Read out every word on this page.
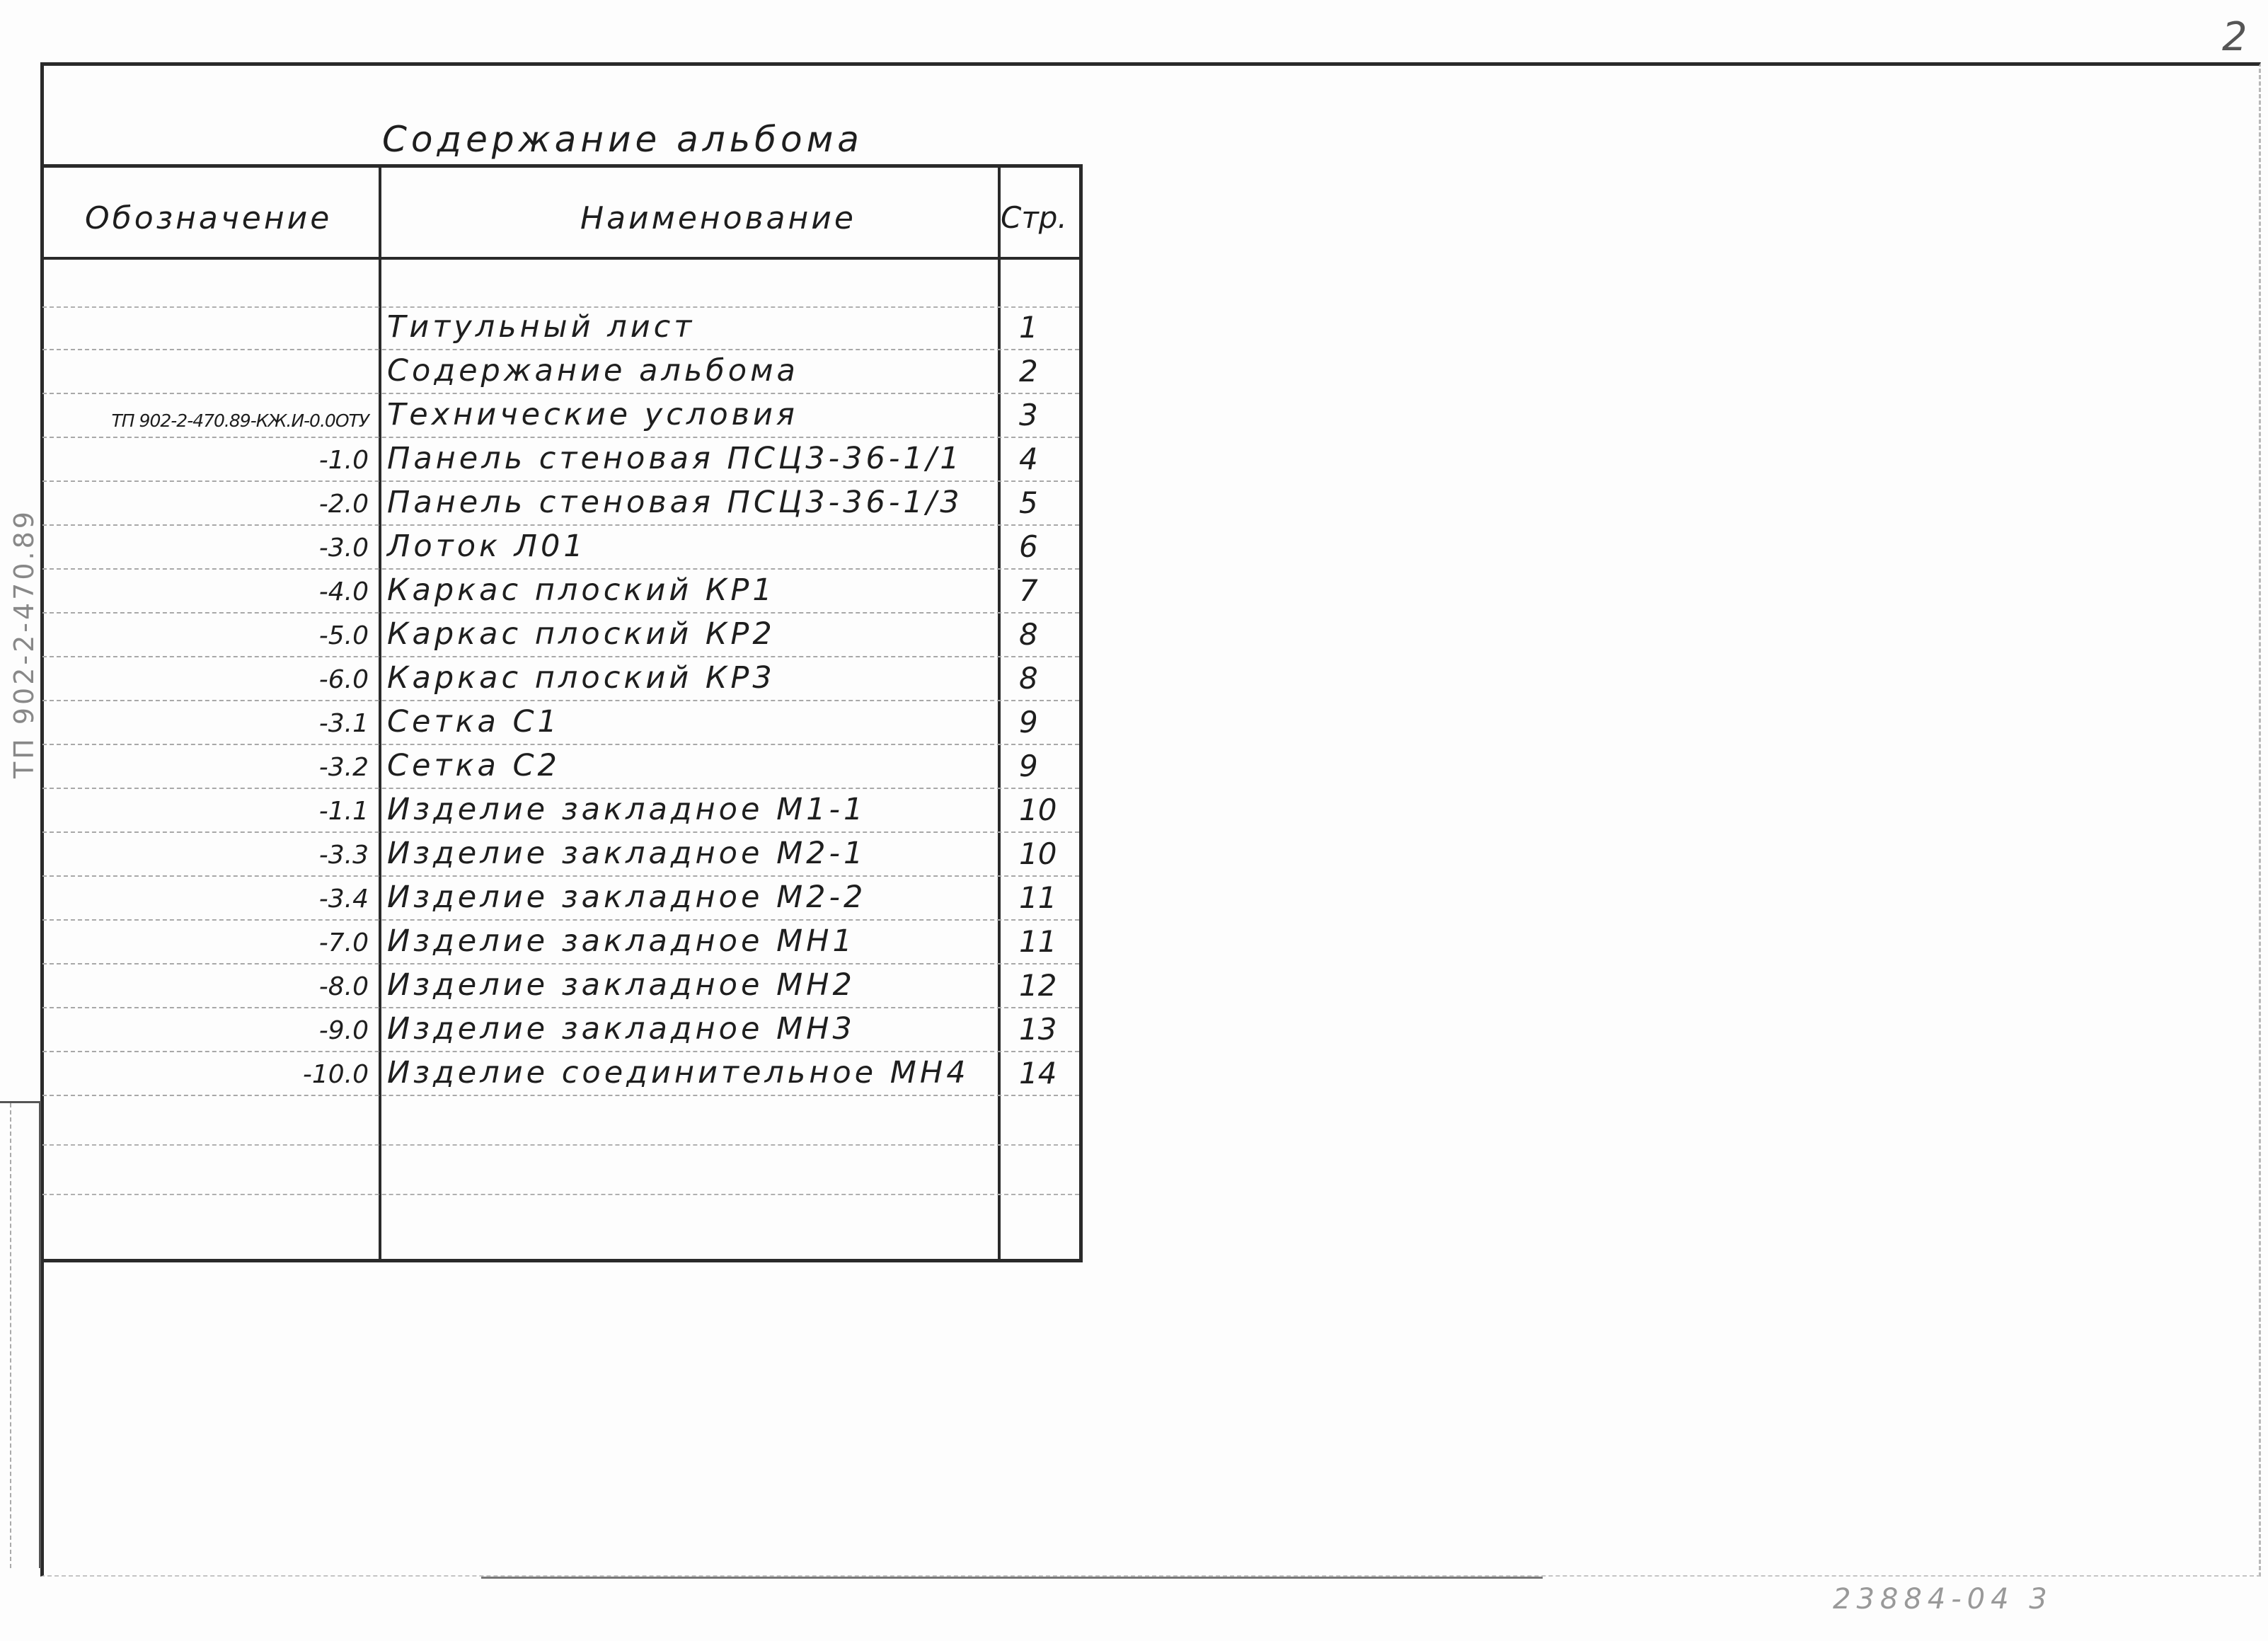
2
Содержание альбома
Обозначение	Наименование	Стр.
Титульный лист	1
Содержание альбома	2
ТП 902-2-470.89-КЖ.И-0.0ОТУ Технические условия	3
-1.0 Панель стеновая ПСЦ3-36-1/1 4
-2.0 Панель стеновая ПСЦ3-36-1/3 5
-3.0 Лоток Л01	6
-4.0 Каркас плоский КР1	7
-5.0 Каркас плоский КР2	8
-6.0 Каркас плоский КР3	8
-3.1 Сетка С1	9
-3.2 Сетка С2	9
-1.1 Изделие закладное М1-1	10
-3.3 Изделие закладное М2-1	10
-3.4 Изделие закладное М2-2	11
-7.0 Изделие закладное МН1	11
-8.0 Изделие закладное МН2	12
-9.0 Изделие закладное МН3	13
-10.0 Изделие соединительное МН4 14
ТП 902-2-470.89
23884-04 3
